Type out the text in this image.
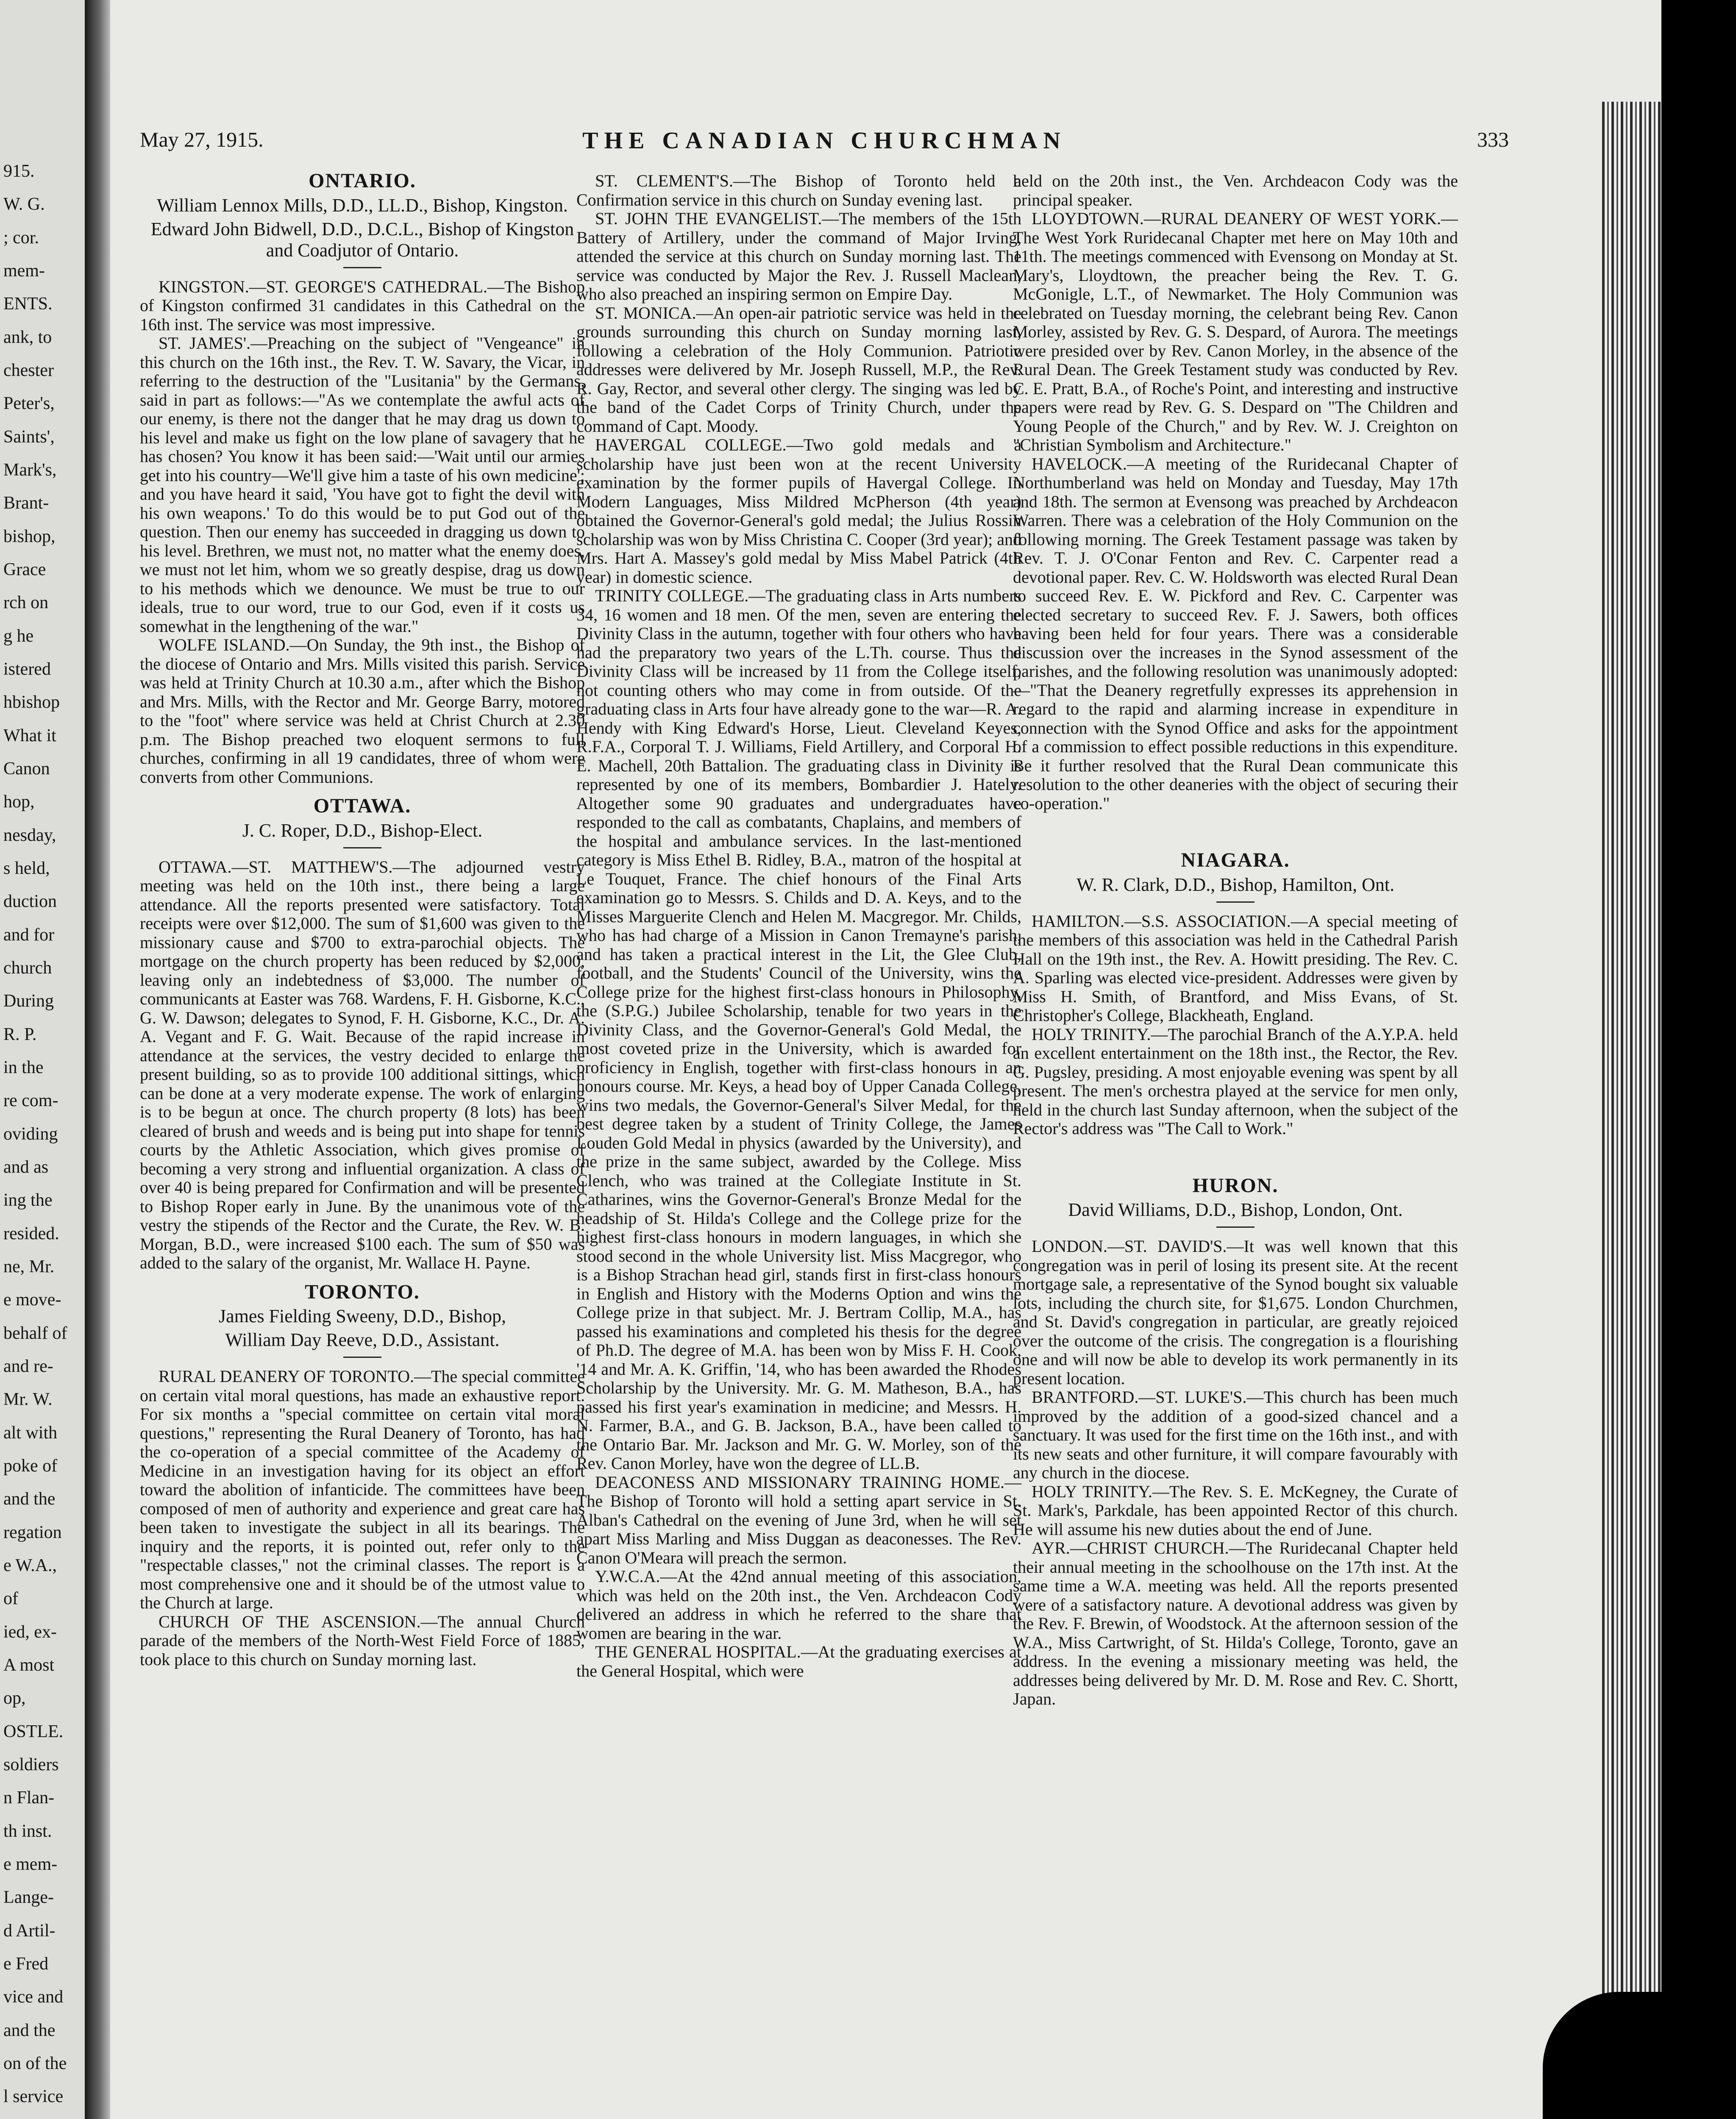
915.
W. G.
; cor.
mem-
ENTS.
ank, to
chester
Peter's,
Saints',
Mark's,
Brant-
bishop,
Grace
rch on
g he
istered
hbishop
What it
Canon
hop,
nesday,
s held,
duction
and for
church
During
R. P.
in the
re com-
oviding
and as
ing the
resided.
ne, Mr.
e move-
behalf of
and re-
Mr. W.
alt with
poke of
and the
regation
e W.A.,
of
ied, ex-
A most
op,
OSTLE.
soldiers
n Flan-
th inst.
e mem-
Lange-
d Artil-
e Fred
vice and
and the
on of the
l service
May 27, 1915.	THE CANADIAN CHURCHMAN	333
ONTARIO.

William Lennox Mills, D.D., LL.D., Bishop, Kingston.

Edward John Bidwell, D.D., D.C.L., Bishop of Kingston and Coadjutor of Ontario.

KINGSTON.—ST. GEORGE'S CATHEDRAL.—The Bishop of Kingston confirmed 31 candidates in this Cathedral on the 16th inst. The service was most impressive.

ST. JAMES'.—Preaching on the subject of "Vengeance" in this church on the 16th inst., the Rev. T. W. Savary, the Vicar, in referring to the destruction of the "Lusitania" by the Germans, said in part as follows:—"As we contemplate the awful acts of our enemy, is there not the danger that he may drag us down to his level and make us fight on the low plane of savagery that he has chosen? You know it has been said:—'Wait until our armies get into his country—We'll give him a taste of his own medicine'; and you have heard it said, 'You have got to fight the devil with his own weapons.' To do this would be to put God out of the question. Then our enemy has succeeded in dragging us down to his level. Brethren, we must not, no matter what the enemy does, we must not let him, whom we so greatly despise, drag us down to his methods which we denounce. We must be true to our ideals, true to our word, true to our God, even if it costs us somewhat in the lengthening of the war."

WOLFE ISLAND.—On Sunday, the 9th inst., the Bishop of the diocese of Ontario and Mrs. Mills visited this parish. Service was held at Trinity Church at 10.30 a.m., after which the Bishop and Mrs. Mills, with the Rector and Mr. George Barry, motored to the "foot" where service was held at Christ Church at 2.30 p.m. The Bishop preached two eloquent sermons to full churches, confirming in all 19 candidates, three of whom were converts from other Communions.

OTTAWA.

J. C. Roper, D.D., Bishop-Elect.

OTTAWA.—ST. MATTHEW'S.—The adjourned vestry meeting was held on the 10th inst., there being a large attendance. All the reports presented were satisfactory. Total receipts were over $12,000. The sum of $1,600 was given to the missionary cause and $700 to extra-parochial objects. The mortgage on the church property has been reduced by $2,000, leaving only an indebtedness of $3,000. The number of communicants at Easter was 768. Wardens, F. H. Gisborne, K.C., G. W. Dawson; delegates to Synod, F. H. Gisborne, K.C., Dr. A. A. Vegant and F. G. Wait. Because of the rapid increase in attendance at the services, the vestry decided to enlarge the present building, so as to provide 100 additional sittings, which can be done at a very moderate expense. The work of enlarging is to be begun at once. The church property (8 lots) has been cleared of brush and weeds and is being put into shape for tennis courts by the Athletic Association, which gives promise of becoming a very strong and influential organization. A class of over 40 is being prepared for Confirmation and will be presented to Bishop Roper early in June. By the unanimous vote of the vestry the stipends of the Rector and the Curate, the Rev. W. B. Morgan, B.D., were increased $100 each. The sum of $50 was added to the salary of the organist, Mr. Wallace H. Payne.

TORONTO.

James Fielding Sweeny, D.D., Bishop,

William Day Reeve, D.D., Assistant.

RURAL DEANERY OF TORONTO.—The special committee on certain vital moral questions, has made an exhaustive report. For six months a "special committee on certain vital moral questions," representing the Rural Deanery of Toronto, has had the co-operation of a special committee of the Academy of Medicine in an investigation having for its object an effort toward the abolition of infanticide. The committees have been composed of men of authority and experience and great care has been taken to investigate the subject in all its bearings. The inquiry and the reports, it is pointed out, refer only to the "respectable classes," not the criminal classes. The report is a most comprehensive one and it should be of the utmost value to the Church at large.

CHURCH OF THE ASCENSION.—The annual Church parade of the members of the North-West Field Force of 1885, took place to this church on Sunday morning last.

ST. CLEMENT'S.—The Bishop of Toronto held a Confirmation service in this church on Sunday evening last.

ST. JOHN THE EVANGELIST.—The members of the 15th Battery of Artillery, under the command of Major Irving, attended the service at this church on Sunday morning last. The service was conducted by Major the Rev. J. Russell Maclean, who also preached an inspiring sermon on Empire Day.

ST. MONICA.—An open-air patriotic service was held in the grounds surrounding this church on Sunday morning last, following a celebration of the Holy Communion. Patriotic addresses were delivered by Mr. Joseph Russell, M.P., the Rev. R. Gay, Rector, and several other clergy. The singing was led by the band of the Cadet Corps of Trinity Church, under the command of Capt. Moody.

HAVERGAL COLLEGE.—Two gold medals and a scholarship have just been won at the recent University examination by the former pupils of Havergal College. In Modern Languages, Miss Mildred McPherson (4th year) obtained the Governor-General's gold medal; the Julius Rossin scholarship was won by Miss Christina C. Cooper (3rd year); and Mrs. Hart A. Massey's gold medal by Miss Mabel Patrick (4th year) in domestic science.

TRINITY COLLEGE.—The graduating class in Arts numbers 34, 16 women and 18 men. Of the men, seven are entering the Divinity Class in the autumn, together with four others who have had the preparatory two years of the L.Th. course. Thus the Divinity Class will be increased by 11 from the College itself, not counting others who may come in from outside. Of the graduating class in Arts four have already gone to the war—R. A. Hendy with King Edward's Horse, Lieut. Cleveland Keyes, R.F.A., Corporal T. J. Williams, Field Artillery, and Corporal H. E. Machell, 20th Battalion. The graduating class in Divinity is represented by one of its members, Bombardier J. Hately. Altogether some 90 graduates and undergraduates have responded to the call as combatants, Chaplains, and members of the hospital and ambulance services. In the last-mentioned category is Miss Ethel B. Ridley, B.A., matron of the hospital at Le Touquet, France. The chief honours of the Final Arts examination go to Messrs. S. Childs and D. A. Keys, and to the Misses Marguerite Clench and Helen M. Macgregor. Mr. Childs, who has had charge of a Mission in Canon Tremayne's parish, and has taken a practical interest in the Lit, the Glee Club, football, and the Students' Council of the University, wins the College prize for the highest first-class honours in Philosophy, the (S.P.G.) Jubilee Scholarship, tenable for two years in the Divinity Class, and the Governor-General's Gold Medal, the most coveted prize in the University, which is awarded for proficiency in English, together with first-class honours in an honours course. Mr. Keys, a head boy of Upper Canada College, wins two medals, the Governor-General's Silver Medal, for the best degree taken by a student of Trinity College, the James Louden Gold Medal in physics (awarded by the University), and the prize in the same subject, awarded by the College. Miss Clench, who was trained at the Collegiate Institute in St. Catharines, wins the Governor-General's Bronze Medal for the headship of St. Hilda's College and the College prize for the highest first-class honours in modern languages, in which she stood second in the whole University list. Miss Macgregor, who is a Bishop Strachan head girl, stands first in first-class honours in English and History with the Moderns Option and wins the College prize in that subject. Mr. J. Bertram Collip, M.A., has passed his examinations and completed his thesis for the degree of Ph.D. The degree of M.A. has been won by Miss F. H. Cook, '14 and Mr. A. K. Griffin, '14, who has been awarded the Rhodes Scholarship by the University. Mr. G. M. Matheson, B.A., has passed his first year's examination in medicine; and Messrs. H. N. Farmer, B.A., and G. B. Jackson, B.A., have been called to the Ontario Bar. Mr. Jackson and Mr. G. W. Morley, son of the Rev. Canon Morley, have won the degree of LL.B.

DEACONESS AND MISSIONARY TRAINING HOME.—The Bishop of Toronto will hold a setting apart service in St. Alban's Cathedral on the evening of June 3rd, when he will set apart Miss Marling and Miss Duggan as deaconesses. The Rev. Canon O'Meara will preach the sermon.

Y.W.C.A.—At the 42nd annual meeting of this association, which was held on the 20th inst., the Ven. Archdeacon Cody delivered an address in which he referred to the share that women are bearing in the war.

THE GENERAL HOSPITAL.—At the graduating exercises at the General Hospital, which were

held on the 20th inst., the Ven. Archdeacon Cody was the principal speaker.

LLOYDTOWN.—RURAL DEANERY OF WEST YORK.—The West York Ruridecanal Chapter met here on May 10th and 11th. The meetings commenced with Evensong on Monday at St. Mary's, Lloydtown, the preacher being the Rev. T. G. McGonigle, L.T., of Newmarket. The Holy Communion was celebrated on Tuesday morning, the celebrant being Rev. Canon Morley, assisted by Rev. G. S. Despard, of Aurora. The meetings were presided over by Rev. Canon Morley, in the absence of the Rural Dean. The Greek Testament study was conducted by Rev. C. E. Pratt, B.A., of Roche's Point, and interesting and instructive papers were read by Rev. G. S. Despard on "The Children and Young People of the Church," and by Rev. W. J. Creighton on "Christian Symbolism and Architecture."

HAVELOCK.—A meeting of the Ruridecanal Chapter of Northumberland was held on Monday and Tuesday, May 17th and 18th. The sermon at Evensong was preached by Archdeacon Warren. There was a celebration of the Holy Communion on the following morning. The Greek Testament passage was taken by Rev. T. J. O'Conar Fenton and Rev. C. Carpenter read a devotional paper. Rev. C. W. Holdsworth was elected Rural Dean to succeed Rev. E. W. Pickford and Rev. C. Carpenter was elected secretary to succeed Rev. F. J. Sawers, both offices having been held for four years. There was a considerable discussion over the increases in the Synod assessment of the parishes, and the following resolution was unanimously adopted:—"That the Deanery regretfully expresses its apprehension in regard to the rapid and alarming increase in expenditure in connection with the Synod Office and asks for the appointment of a commission to effect possible reductions in this expenditure. Be it further resolved that the Rural Dean communicate this resolution to the other deaneries with the object of securing their co-operation."

NIAGARA.

W. R. Clark, D.D., Bishop, Hamilton, Ont.

HAMILTON.—S.S. ASSOCIATION.—A special meeting of the members of this association was held in the Cathedral Parish Hall on the 19th inst., the Rev. A. Howitt presiding. The Rev. C. A. Sparling was elected vice-president. Addresses were given by Miss H. Smith, of Brantford, and Miss Evans, of St. Christopher's College, Blackheath, England.

HOLY TRINITY.—The parochial Branch of the A.Y.P.A. held an excellent entertainment on the 18th inst., the Rector, the Rev. G. Pugsley, presiding. A most enjoyable evening was spent by all present. The men's orchestra played at the service for men only, held in the church last Sunday afternoon, when the subject of the Rector's address was "The Call to Work."

HURON.

David Williams, D.D., Bishop, London, Ont.

LONDON.—ST. DAVID'S.—It was well known that this congregation was in peril of losing its present site. At the recent mortgage sale, a representative of the Synod bought six valuable lots, including the church site, for $1,675. London Churchmen, and St. David's congregation in particular, are greatly rejoiced over the outcome of the crisis. The congregation is a flourishing one and will now be able to develop its work permanently in its present location.

BRANTFORD.—ST. LUKE'S.—This church has been much improved by the addition of a good-sized chancel and a sanctuary. It was used for the first time on the 16th inst., and with its new seats and other furniture, it will compare favourably with any church in the diocese.

HOLY TRINITY.—The Rev. S. E. McKegney, the Curate of St. Mark's, Parkdale, has been appointed Rector of this church. He will assume his new duties about the end of June.

AYR.—CHRIST CHURCH.—The Ruridecanal Chapter held their annual meeting in the schoolhouse on the 17th inst. At the same time a W.A. meeting was held. All the reports presented were of a satisfactory nature. A devotional address was given by the Rev. F. Brewin, of Woodstock. At the afternoon session of the W.A., Miss Cartwright, of St. Hilda's College, Toronto, gave an address. In the evening a missionary meeting was held, the addresses being delivered by Mr. D. M. Rose and Rev. C. Shortt, Japan.
